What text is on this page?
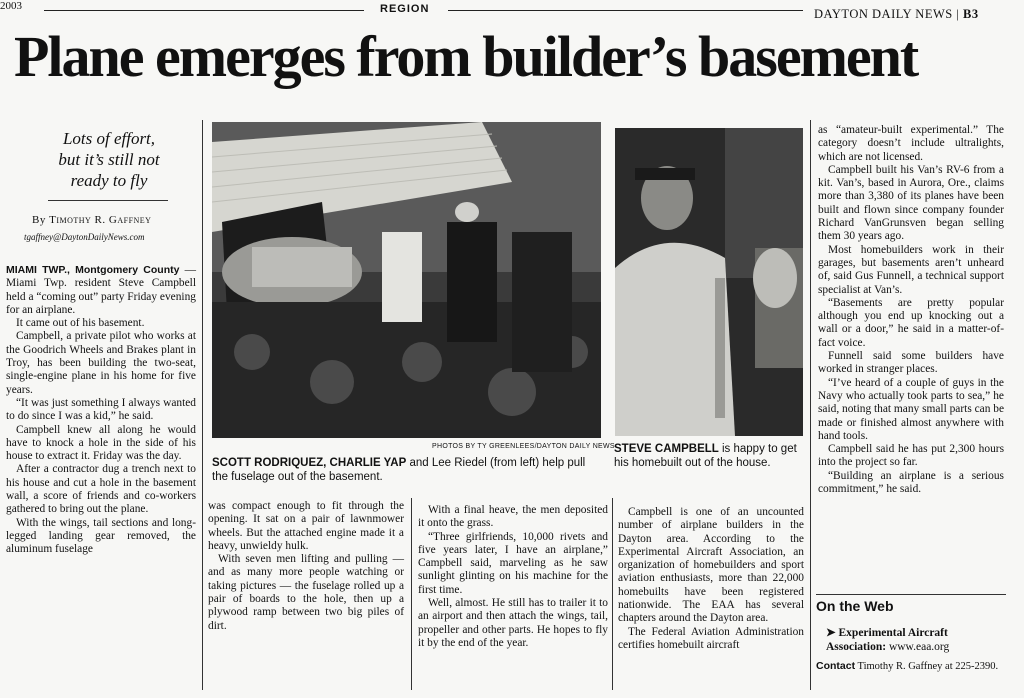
2003	REGION	DAYTON DAILY NEWS | B3
Plane emerges from builder’s basement
Lots of effort,
but it’s still not
ready to fly
By Timothy R. Gaffney
tgaffney@DaytonDailyNews.com

MIAMI TWP., Montgomery County — Miami Twp. resident Steve Campbell held a “coming out” party Friday evening for an airplane.

It came out of his basement.

Campbell, a private pilot who works at the Goodrich Wheels and Brakes plant in Troy, has been building the two-seat, single-engine plane in his home for five years.

“It was just something I always wanted to do since I was a kid,” he said.

Campbell knew all along he would have to knock a hole in the side of his house to extract it. Friday was the day.

After a contractor dug a trench next to his house and cut a hole in the basement wall, a score of friends and co-workers gathered to bring out the plane.

With the wings, tail sections and long-legged landing gear removed, the aluminum fuselage

PHOTOS BY TY GREENLEES/DAYTON DAILY NEWS
SCOTT RODRIQUEZ, CHARLIE YAP and Lee Riedel (from left) help pull the fuselage out of the basement.
STEVE CAMPBELL is happy to get his homebuilt out of the house.

was compact enough to fit through the opening. It sat on a pair of lawnmower wheels. But the attached engine made it a heavy, unwieldy hulk.

With seven men lifting and pulling — and as many more people watching or taking pictures — the fuselage rolled up a pair of boards to the hole, then up a plywood ramp between two big piles of dirt.

With a final heave, the men deposited it onto the grass.

“Three girlfriends, 10,000 rivets and five years later, I have an airplane,” Campbell said, marveling as he saw sunlight glinting on his machine for the first time.

Well, almost. He still has to trailer it to an airport and then attach the wings, tail, propeller and other parts. He hopes to fly it by the end of the year.

Campbell is one of an uncounted number of airplane builders in the Dayton area. According to the Experimental Aircraft Association, an organization of homebuilders and sport aviation enthusiasts, more than 22,000 homebuilts have been registered nationwide. The EAA has several chapters around the Dayton area.

The Federal Aviation Administration certifies homebuilt aircraft

as “amateur-built experimental.” The category doesn’t include ultralights, which are not licensed.

Campbell built his Van’s RV-6 from a kit. Van’s, based in Aurora, Ore., claims more than 3,380 of its planes have been built and flown since company founder Richard VanGrunsven began selling them 30 years ago.

Most homebuilders work in their garages, but basements aren’t unheard of, said Gus Funnell, a technical support specialist at Van’s.

“Basements are pretty popular although you end up knocking out a wall or a door,” he said in a matter-of-fact voice.

Funnell said some builders have worked in stranger places.

“I’ve heard of a couple of guys in the Navy who actually took parts to sea,” he said, noting that many small parts can be made or finished almost anywhere with hand tools.

Campbell said he has put 2,300 hours into the project so far.

“Building an airplane is a serious commitment,” he said.

On the Web
➤ Experimental Aircraft Association: www.eaa.org
Contact Timothy R. Gaffney at 225-2390.
